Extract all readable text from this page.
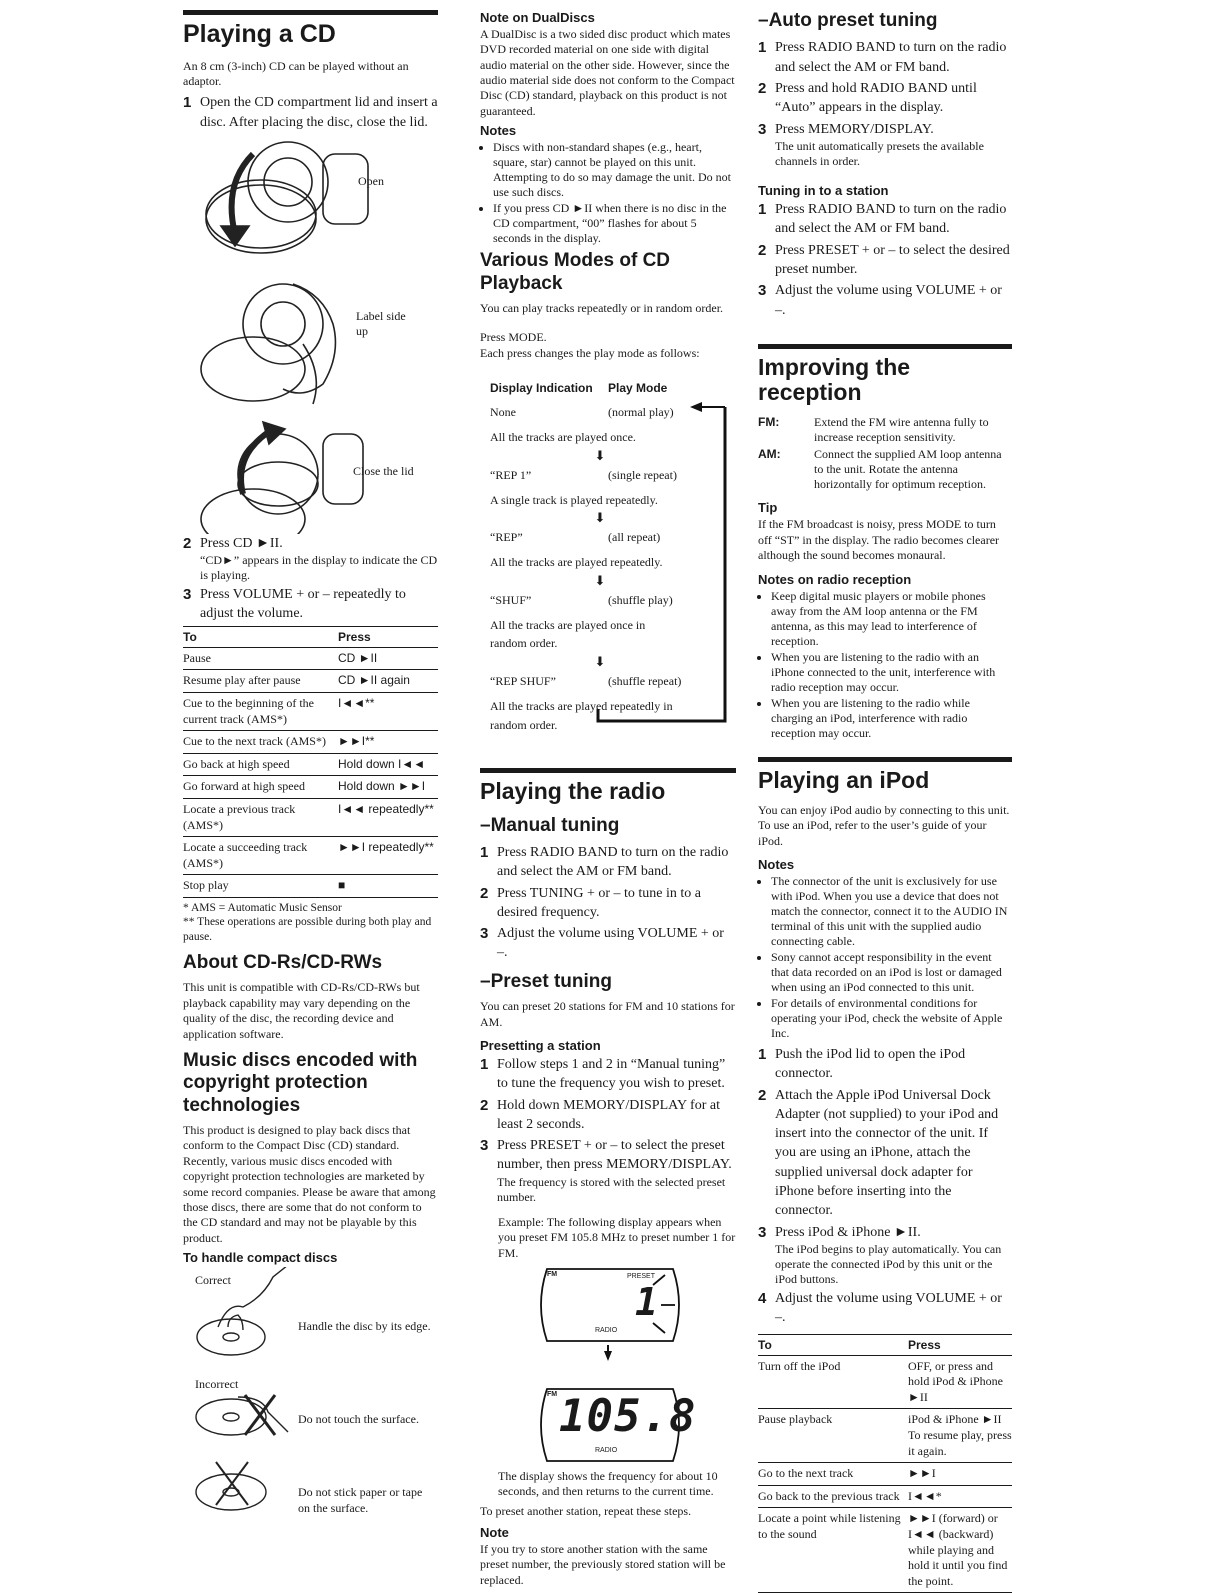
Playing a CD

An 8 cm (3-inch) CD can be played without an adaptor.

1 Open the CD compartment lid and insert a disc. After placing the disc, close the lid.
Open
Label side up
Close the lid
2 Press CD ►II.
“CD►” appears in the display to indicate the CD is playing.
3 Press VOLUME + or – repeatedly to adjust the volume.
To	Press
Pause	CD ►II
Resume play after pause	CD ►II again
Cue to the beginning of the current track (AMS*)	I◄◄**
Cue to the next track (AMS*)	►►I**
Go back at high speed	Hold down I◄◄
Go forward at high speed	Hold down ►►I
Locate a previous track (AMS*)	I◄◄ repeatedly**
Locate a succeeding track (AMS*)	►►I repeatedly**
Stop play	■

* AMS = Automatic Music Sensor

** These operations are possible during both play and pause.

About CD-Rs/CD-RWs

This unit is compatible with CD-Rs/CD-RWs but playback capability may vary depending on the quality of the disc, the recording device and application software.

Music discs encoded with copyright protection technologies

This product is designed to play back discs that conform to the Compact Disc (CD) standard. Recently, various music discs encoded with copyright protection technologies are marketed by some record companies. Please be aware that among those discs, there are some that do not conform to the CD standard and may not be playable by this product.

To handle compact discs
Correct
Handle the disc by its edge.
Incorrect
Do not touch the surface.
Do not stick paper or tape on the surface.
Note on DualDiscs

A DualDisc is a two sided disc product which mates DVD recorded material on one side with digital audio material on the other side. However, since the audio material side does not conform to the Compact Disc (CD) standard, playback on this product is not guaranteed.

Notes
• Discs with non-standard shapes (e.g., heart, square, star) cannot be played on this unit. Attempting to do so may damage the unit. Do not use such discs.
• If you press CD ►II when there is no disc in the CD compartment, “00” flashes for about 5 seconds in the display.
Various Modes of CD Playback

You can play tracks repeatedly or in random order.

Press MODE.

Each press changes the play mode as follows:

Display Indication	Play Mode
None	(normal play)
All the tracks are played once.
⬇
“REP 1”	(single repeat)
A single track is played repeatedly.
⬇
“REP”	(all repeat)
All the tracks are played repeatedly.
⬇
“SHUF”	(shuffle play)
All the tracks are played once in random order.
⬇
“REP SHUF”	(shuffle repeat)
All the tracks are played repeatedly in random order.
Playing the radio
–Manual tuning
1 Press RADIO BAND to turn on the radio and select the AM or FM band.
2 Press TUNING + or – to tune in to a desired frequency.
3 Adjust the volume using VOLUME + or –.
–Preset tuning

You can preset 20 stations for FM and 10 stations for AM.

Presetting a station
1 Follow steps 1 and 2 in “Manual tuning” to tune the frequency you wish to preset.
2 Hold down MEMORY/DISPLAY for at least 2 seconds.
3 Press PRESET + or – to select the preset number, then press MEMORY/DISPLAY.
The frequency is stored with the selected preset number.

Example: The following display appears when you preset FM 105.8 MHz to preset number 1 for FM.

FM	PRESET
1
RADIO
FM 105.8
RADIO

The display shows the frequency for about 10 seconds, and then returns to the current time.

To preset another station, repeat these steps.

Note

If you try to store another station with the same preset number, the previously stored station will be replaced.

–Auto preset tuning
1 Press RADIO BAND to turn on the radio and select the AM or FM band.
2 Press and hold RADIO BAND until “Auto” appears in the display.
3 Press MEMORY/DISPLAY.
The unit automatically presets the available channels in order.
Tuning in to a station
1 Press RADIO BAND to turn on the radio and select the AM or FM band.
2 Press PRESET + or – to select the desired preset number.
3 Adjust the volume using VOLUME + or –.
Improving the reception
FM:	Extend the FM wire antenna fully to increase reception sensitivity.
AM:	Connect the supplied AM loop antenna to the unit. Rotate the antenna horizontally for optimum reception.
Tip

If the FM broadcast is noisy, press MODE to turn off “ST” in the display. The radio becomes clearer although the sound becomes monaural.

Notes on radio reception
• Keep digital music players or mobile phones away from the AM loop antenna or the FM antenna, as this may lead to interference of reception.
• When you are listening to the radio with an iPhone connected to the unit, interference with radio reception may occur.
• When you are listening to the radio while charging an iPod, interference with radio reception may occur.
Playing an iPod

You can enjoy iPod audio by connecting to this unit. To use an iPod, refer to the user’s guide of your iPod.

Notes
• The connector of the unit is exclusively for use with iPod. When you use a device that does not match the connector, connect it to the AUDIO IN terminal of this unit with the supplied audio connecting cable.
• Sony cannot accept responsibility in the event that data recorded on an iPod is lost or damaged when using an iPod connected to this unit.
• For details of environmental conditions for operating your iPod, check the website of Apple Inc.
1 Push the iPod lid to open the iPod connector.
2 Attach the Apple iPod Universal Dock Adapter (not supplied) to your iPod and insert into the connector of the unit. If you are using an iPhone, attach the supplied universal dock adapter for iPhone before inserting into the connector.
3 Press iPod & iPhone ►II.
The iPod begins to play automatically. You can operate the connected iPod by this unit or the iPod buttons.
4 Adjust the volume using VOLUME + or –.
To	Press
Turn off the iPod	OFF, or press and hold iPod & iPhone ►II
Pause playback	iPod & iPhone ►II To resume play, press it again.
Go to the next track	►►I
Go back to the previous track	I◄◄*
Locate a point while listening to the sound	►►I (forward) or I◄◄ (backward) while playing and hold it until you find the point.
